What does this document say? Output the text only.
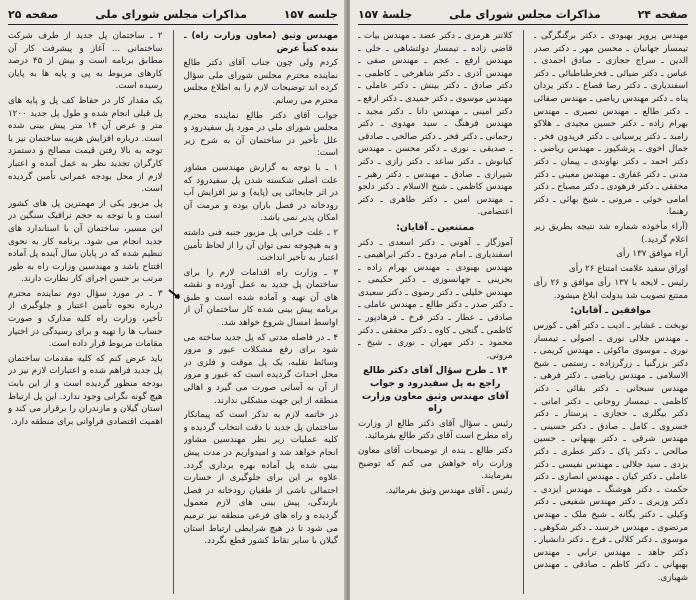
جلسه ۱۵۷
مذاکرات مجلس شورای ملی
صفحه ۲۵

مهندس وثیق (معاون وزارت راه) ـ بنده کتباً عرض

کردم ولی چون جناب آقای دکتر طالع نماینده محترم مجلس شورای ملی سؤال کرده اند توضیحات لازم را به اطلاع مجلس محترم می رسانم.

جواب آقای دکتر طالع نماینده محترم مجلس شورای ملی در مورد پل سفیدرود و علل تأخیر در ساختمان آن به شرح زیر است:

۱ ـ با توجه به گزارش مهندسین مشاور علت اصلی شکسته شدن پل سفیدرود که در اثر جابجائی پی (پایه) و نیز افزایش آب رودخانه در فصل باران بوده و مرمت آن امکان پذیر نمی باشد.

۲ ـ علت خرابی پل مزبور جنبه فنی داشته و به هیچوجه نمی توان آن را از لحاظ تأمین اعتبار به تأخیر انداخت.

۳ ـ وزارت راه اقدامات لازم را برای ساختمان پل جدید به عمل آورده و نقشه های آن تهیه و آماده شده است و طبق برنامه پیش بینی شده کار ساختمان آن از اواسط امسال شروع خواهد شد.

۴ ـ در فاصله مدتی که پل جدید ساخته می شود برای رفع مشکلات عبور و مرور وسائط نقلیه، یک پل موقت و فلزی در محل احداث گردیده است که عبور و مرور از آن به آسانی صورت می گیرد و اهالی منطقه از این جهت مشکلی ندارند.

در خاتمه لازم به تذکر است که پیمانکار ساختمان پل جدید با دقت انتخاب گردیده و کلیه عملیات زیر نظر مهندسین مشاور انجام خواهد شد و امیدواریم در مدت پیش بینی شده پل آماده بهره برداری گردد. علاوه بر این برای جلوگیری از خسارت احتمالی ناشی از طغیان رودخانه در فصل بارندگی، پیش بینی های لازم معمول گردیده و راه های فرعی منطقه نیز ترمیم می شود تا در هیچ شرایطی ارتباط استان گیلان با سایر نقاط کشور قطع نگردد.

۲ ـ ساختمان پل جدید از طرف شرکت ساختمانی ... آغاز و پیشرفت کار آن مطابق برنامه است و بیش از ۴۵ درصد کارهای مربوط به پی و پایه ها به پایان رسیده است.

یک مقدار کار در حفاظ کف پل و پایه های پل قبلی انجام شده و طول پل جدید ۱۲۰۰ متر و عرض آن ۱۴ متر پیش بینی شده است. درباره افزایش هزینه ساختمان نیز با توجه به بالا رفتن قیمت مصالح و دستمزد کارگران تجدید نظر به عمل آمده و اعتبار لازم از محل بودجه عمرانی تأمین گردیده است.

پل مزبور یکی از مهمترین پل های کشور است و با توجه به حجم ترافیک سنگین در این مسیر، ساختمان آن با استاندارد های جدید انجام می شود. برنامه کار به نحوی تنظیم شده که در پایان سال آینده پل آماده افتتاح باشد و مهندسین وزارت راه به طور مرتب بر حسن اجرای کار نظارت دارند.

۳ ـ در مورد سؤال دوم نماینده محترم درباره نحوه تأمین اعتبار و جلوگیری از تأخیر، وزارت راه کلیه مدارک و صورت حساب ها را تهیه و برای رسیدگی در اختیار مقامات مربوط قرار داده است.

باید عرض کنم که کلیه مقدمات ساختمان پل جدید فراهم شده و اعتبارات لازم نیز در بودجه منظور گردیده است و از این بابت هیچ گونه نگرانی وجود ندارد. این پل ارتباط استان گیلان و مازندران را برقرار می کند و اهمیت اقتصادی فراوانی برای منطقه دارد.

صفحه ۲۴
مذاکرات مجلس شورای ملی
جلسهٔ ۱۵۷

مهندس پرویز بهبودی ـ دکتر برگنگرگی ـ تیمسار جهانبان ـ محسن مهر ـ دکتر صدر الدین ـ سراج حجازی ـ صادق احمدی ـ عباس ـ دکتر ضیائی ـ فخرطباطبائی ـ دکتر اسفندیاری ـ دکتر رضا قصاع ـ دکتر یزدان پناه ـ دکتر مهندس ریاضی ـ مهندس صفائی ـ دکتر طالع ـ مهندس نصیری ـ مهندس بهرام زاده ـ دکتر حسین مجیدی ـ هلاکو رامبد ـ دکتر پرسیانی ـ دکتر فریدون فخر ـ جمال اخوی ـ پزشکپور ـ مهندس ریاضی ـ دکتر احمد ـ دکتر نهاوندی ـ پیمان ـ دکتر مدنی ـ دکتر غفاری ـ مهندس معینی ـ دکتر محققی ـ دکتر فرهودی ـ دکتر مصباح ـ دکتر امامی خوئی ـ مروتی ـ شیخ بهائی ـ دکتر رهنما.

(آراء مأخوذه شماره شد نتیجه بطریق زیر اعلام گردید.)

آراء موافق ۱۳۷ رأی

اوراق سفید علامت امتناع ۲۶ رأی

رئیس ـ لایحه با ۱۳۷ رأی موافق و ۲۶ رأی ممتنع تصویب شد بدولت ابلاغ میشود.

موافقین ـ آقایان:

نوبخت ـ عشایر ـ ادیب ـ دکتر آهی ـ کورس ـ مهندس جلالی نوری ـ اصولی ـ تیمسار نوری ـ موسوی ماکوئی ـ مهندس کریمی ـ دکتر بزرگنیا ـ زرگرزاده ـ رستمی ـ شیخ الاسلامی ـ مهندس ریاضی ـ دکتر فرهی ـ مهندس سبحانی ـ دکتر بقائی ـ دکتر کاظمی ـ تیمسار روحانی ـ دکتر امانی ـ دکتر بیگلری ـ حجازی ـ پرستار ـ دکتر خسروی ـ کامل ـ صادق ـ دکتر حسینی ـ مهندس شرقی ـ دکتر بهبهانی ـ حسین صالحی ـ دکتر پاک ـ دکتر عطری ـ دکتر یزدی ـ سید جلالی ـ مهندس نفیسی ـ دکتر عاملی ـ دکتر کیان ـ مهندس انصاری ـ دکتر حکمت ـ دکتر هوشنگ ـ مهندس ایزدی ـ دکتر وزیری ـ دکتر مهندس شفیعی ـ دکتر وکیلی ـ دکتر یگانه ـ شیخ ملک ـ مهندس مرتضوی ـ مهندس خرسند ـ دکتر شکوهی ـ موسوی ـ دکتر کلالی ـ فرخ ـ دکتر دانشیار ـ دکتر جاهد ـ مهندس ترابی ـ مهندس بهبهانی ـ دکتر کاظم ـ صادقی ـ مهندس شهبازی.

کلانتر هرمزی ـ دکتر عضد ـ مهندس بیات ـ قاضی زاده ـ تیمسار دولتشاهی ـ حلی ـ مهندس ارفع ـ عجم ـ مهندس صفی ـ مهندس آذری ـ دکتر شاهرخی ـ کاظمی ـ دکتر صادق ـ دکتر بینش ـ دکتر عاملی ـ مهندس موسوی ـ دکتر حمیدی ـ دکتر ارفع ـ دکتر امینی ـ مهندس دانا ـ دکتر مجید ـ مهندس فرهنگ ـ سید مهدوی ـ دکتر رحمانی ـ دکتر فخر ـ دکتر صالحی ـ صادقی ـ صدیقی ـ نوری ـ دکتر محسن ـ مهندس کیانوش ـ دکتر ساعد ـ دکتر رازی ـ دکتر شیرازی ـ صادق ـ مهندس ـ دکتر رهبر ـ مهندس کاظمی ـ شیخ الاسلام ـ دکتر دلجو ـ مهندس امین ـ دکتر طاهری ـ دکتر اعتصامی.

ممتنعین ـ آقایان:

آموزگار ـ آهوتی ـ دکتر اسعدی ـ دکتر اسفندیاری ـ امام مردوخ ـ دکتر ابراهیمی ـ مهندس بهبودی ـ مهندس بهرام زاده ـ بحرینی ـ جهانسوزی ـ دکتر حکیمی ـ مهندس خلیلی ـ دکتر رضوی ـ دکتر سعیدی ـ دکتر صدر ـ دکتر طالع ـ مهندس عاملی ـ صادقی ـ عطار ـ دکتر فرخ ـ فرهادپور ـ کاظمی ـ گنجی ـ کاوه ـ دکتر محققی ـ دکتر محمود ـ دکتر مهران ـ نوری ـ شیخ ـ مروتی.

۱۴ ـ طرح سؤال آقای دکتر طالع راجع به پل سفیدرود و جواب آقای مهندس وثیق معاون وزارت راه

رئیس ـ سؤال آقای دکتر طالع از وزارت راه مطرح است آقای دکتر طالع بفرمائید.

دکتر طالع ـ بنده از توضیحات آقای معاون وزارت راه خواهش می کنم که توضیح بفرمایند.

رئیس ـ آقای مهندس وثیق بفرمائید.
